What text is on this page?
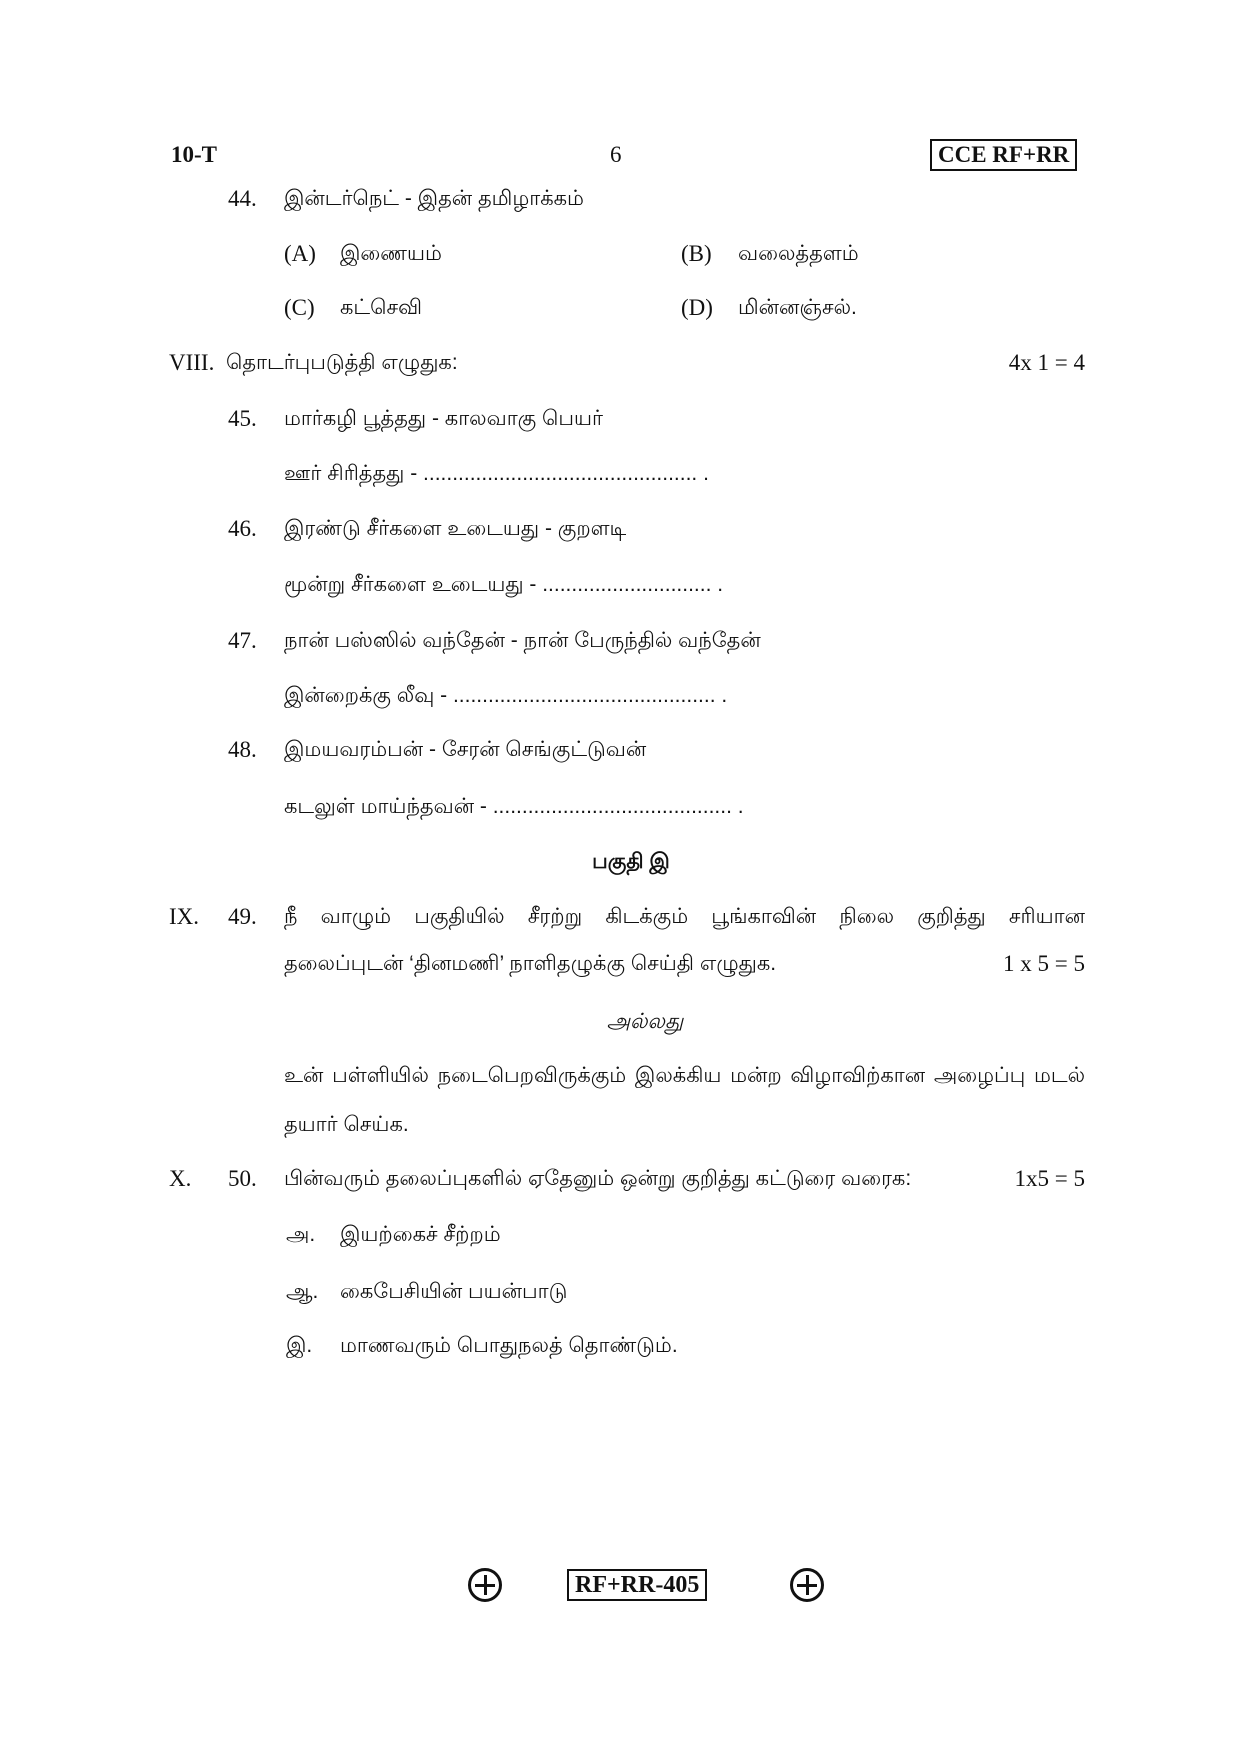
10-T	6	CCE RF+RR
44. இன்டர்நெட் - இதன் தமிழாக்கம்
(A) இணையம்	(B) வலைத்தளம்
(C) கட்செவி	(D) மின்னஞ்சல்.
VIII. தொடர்புபடுத்தி எழுதுக:	4x 1 = 4
45. மார்கழி பூத்தது - காலவாகு பெயர்
ஊர் சிரித்தது - ............................................... .
46. இரண்டு சீர்களை உடையது - குறளடி
மூன்று சீர்களை உடையது - ............................. .
47. நான் பஸ்ஸில் வந்தேன் - நான் பேருந்தில் வந்தேன்
இன்றைக்கு லீவு - ............................................. .
48. இமயவரம்பன் - சேரன் செங்குட்டுவன்
கடலுள் மாய்ந்தவன் - ......................................... .
பகுதி இ
IX. 49. நீ வாழும் பகுதியில் சீரற்று கிடக்கும் பூங்காவின் நிலை குறித்து சரியான
தலைப்புடன் ‘தினமணி’ நாளிதழுக்கு செய்தி எழுதுக.	1 x 5 = 5
அல்லது
உன் பள்ளியில் நடைபெறவிருக்கும் இலக்கிய மன்ற விழாவிற்கான அழைப்பு மடல்
தயார் செய்க.
X. 50. பின்வரும் தலைப்புகளில் ஏதேனும் ஒன்று குறித்து கட்டுரை வரைக:	1x5 = 5
அ. இயற்கைச் சீற்றம்
ஆ. கைபேசியின் பயன்பாடு
இ. மாணவரும் பொதுநலத் தொண்டும்.
RF+RR-405
